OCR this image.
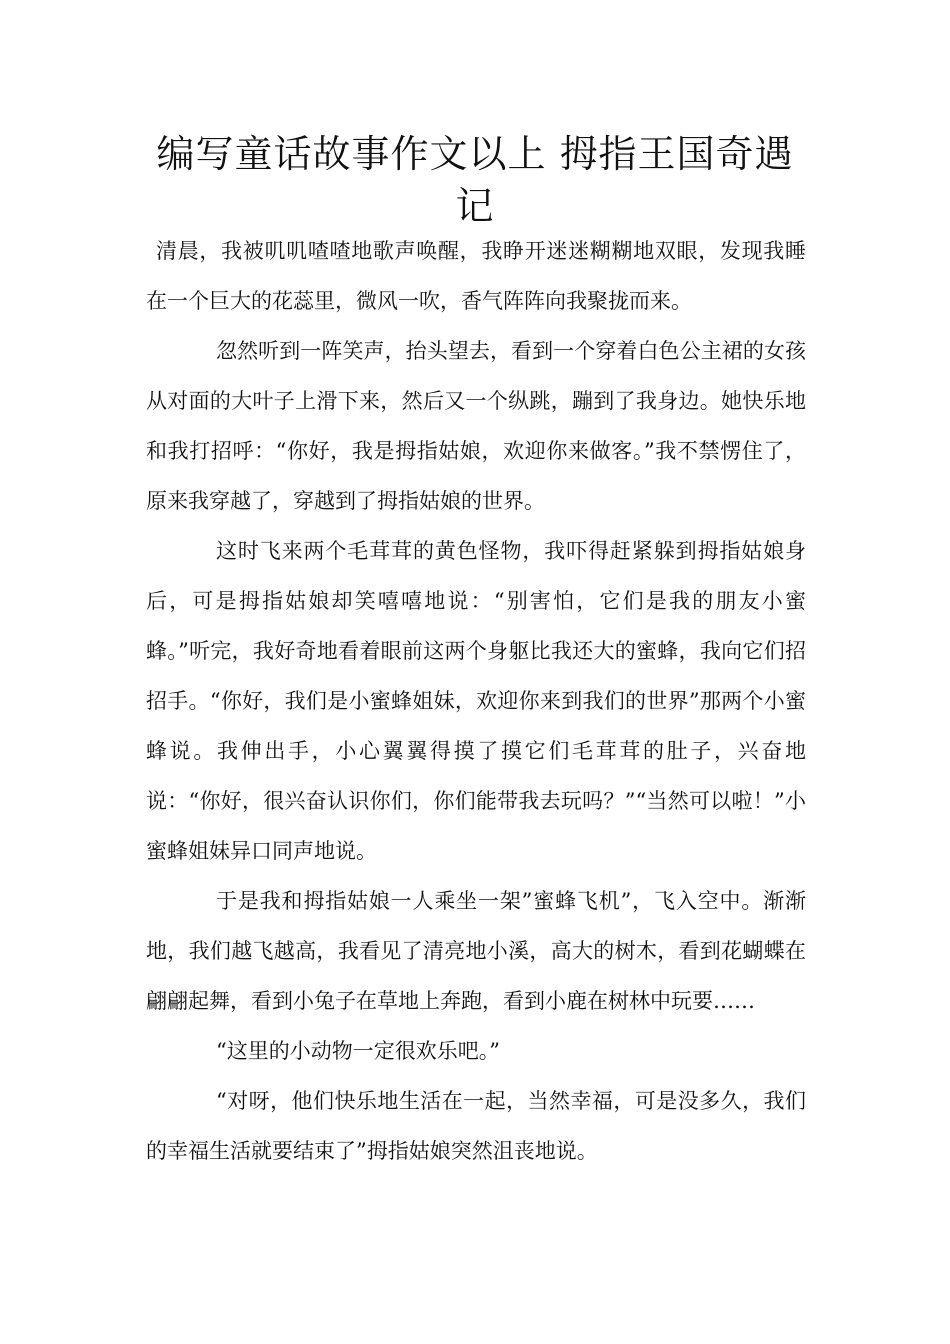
编写童话故事作文以上 拇指王国奇遇记

清晨，我被叽叽喳喳地歌声唤醒，我睁开迷迷糊糊地双眼，发现我睡在一个巨大的花蕊里，微风一吹，香气阵阵向我聚拢而来。

忽然听到一阵笑声，抬头望去，看到一个穿着白色公主裙的女孩从对面的大叶子上滑下来，然后又一个纵跳，蹦到了我身边。她快乐地和我打招呼：“你好，我是拇指姑娘，欢迎你来做客。”我不禁愣住了，原来我穿越了，穿越到了拇指姑娘的世界。

这时飞来两个毛茸茸的黄色怪物，我吓得赶紧躲到拇指姑娘身后，可是拇指姑娘却笑嘻嘻地说：“别害怕，它们是我的朋友小蜜蜂。”听完，我好奇地看着眼前这两个身躯比我还大的蜜蜂，我向它们招招手。“你好，我们是小蜜蜂姐妹，欢迎你来到我们的世界”那两个小蜜蜂说。我伸出手，小心翼翼得摸了摸它们毛茸茸的肚子，兴奋地说：“你好，很兴奋认识你们，你们能带我去玩吗？”“当然可以啦！”小蜜蜂姐妹异口同声地说。

于是我和拇指姑娘一人乘坐一架”蜜蜂飞机”，飞入空中。渐渐地，我们越飞越高，我看见了清亮地小溪，高大的树木，看到花蝴蝶在翩翩起舞，看到小兔子在草地上奔跑，看到小鹿在树林中玩要……

“这里的小动物一定很欢乐吧。”

“对呀，他们快乐地生活在一起，当然幸福，可是没多久，我们的幸福生活就要结束了”拇指姑娘突然沮丧地说。
